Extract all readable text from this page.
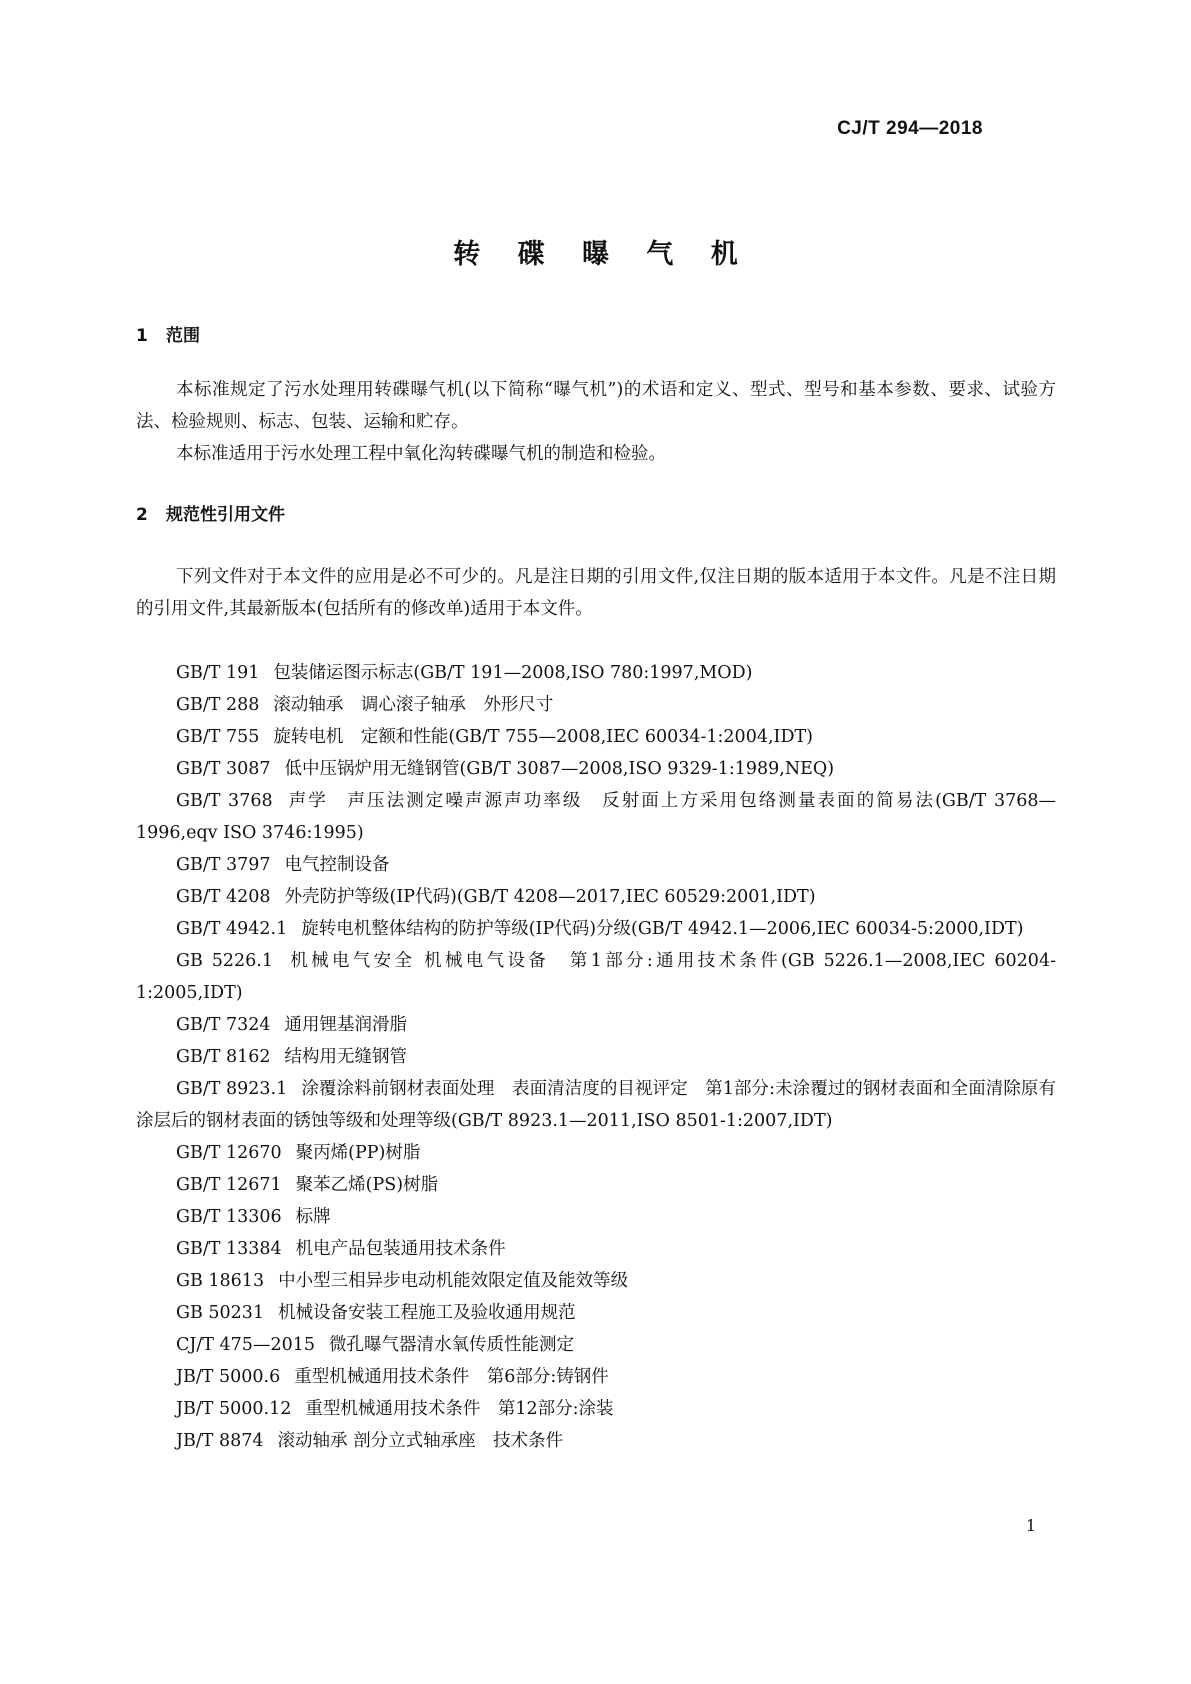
CJ/T 294—2018
转 碟 曝 气 机
1 范围

本标准规定了污水处理用转碟曝气机(以下简称“曝气机”)的术语和定义、型式、型号和基本参数、要求、试验方法、检验规则、标志、包装、运输和贮存。

本标准适用于污水处理工程中氧化沟转碟曝气机的制造和检验。

2 规范性引用文件

下列文件对于本文件的应用是必不可少的。凡是注日期的引用文件,仅注日期的版本适用于本文件。凡是不注日期的引用文件,其最新版本(包括所有的修改单)适用于本文件。

GB/T 191 包装储运图示标志(GB/T 191—2008,ISO 780:1997,MOD)

GB/T 288 滚动轴承　调心滚子轴承　外形尺寸

GB/T 755 旋转电机　定额和性能(GB/T 755—2008,IEC 60034-1:2004,IDT)

GB/T 3087 低中压锅炉用无缝钢管(GB/T 3087—2008,ISO 9329-1:1989,NEQ)

GB/T 3768 声学　声压法测定噪声源声功率级　反射面上方采用包络测量表面的简易法(GB/T 3768—1996,eqv ISO 3746:1995)

GB/T 3797 电气控制设备

GB/T 4208 外壳防护等级(IP代码)(GB/T 4208—2017,IEC 60529:2001,IDT)

GB/T 4942.1 旋转电机整体结构的防护等级(IP代码)分级(GB/T 4942.1—2006,IEC 60034-5:2000,IDT)

GB 5226.1 机械电气安全 机械电气设备　第1部分:通用技术条件(GB 5226.1—2008,IEC 60204-1:2005,IDT)

GB/T 7324 通用锂基润滑脂

GB/T 8162 结构用无缝钢管

GB/T 8923.1 涂覆涂料前钢材表面处理　表面清洁度的目视评定　第1部分:未涂覆过的钢材表面和全面清除原有涂层后的钢材表面的锈蚀等级和处理等级(GB/T 8923.1—2011,ISO 8501-1:2007,IDT)

GB/T 12670 聚丙烯(PP)树脂

GB/T 12671 聚苯乙烯(PS)树脂

GB/T 13306 标牌

GB/T 13384 机电产品包装通用技术条件

GB 18613 中小型三相异步电动机能效限定值及能效等级

GB 50231 机械设备安装工程施工及验收通用规范

CJ/T 475—2015 微孔曝气器清水氧传质性能测定

JB/T 5000.6 重型机械通用技术条件　第6部分:铸钢件

JB/T 5000.12 重型机械通用技术条件　第12部分:涂装

JB/T 8874 滚动轴承 剖分立式轴承座　技术条件

1
